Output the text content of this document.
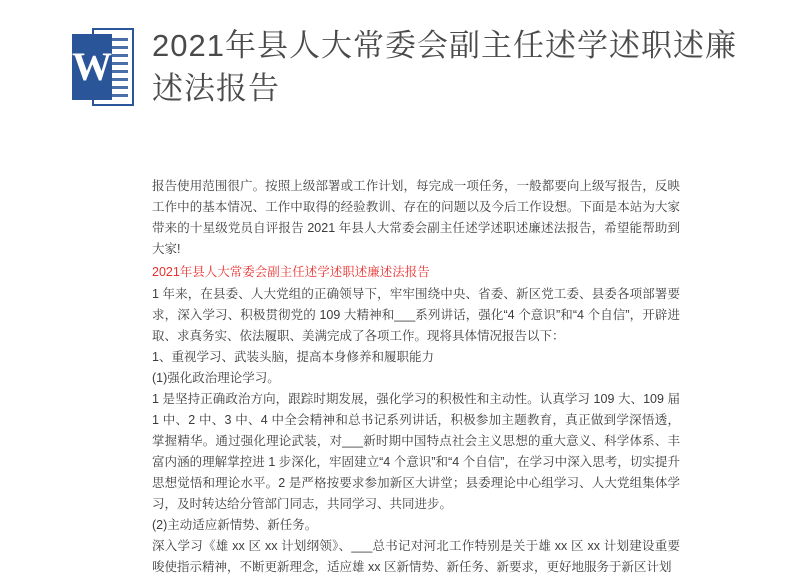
W 2021年县人大常委会副主任述学述职述廉述法报告

报告使用范围很广。按照上级部署或工作计划，每完成一项任务，一般都要向上级写报告，反映工作中的基本情况、工作中取得的经验教训、存在的问题以及今后工作设想。下面是本站为大家带来的十星级党员自评报告 2021 年县人大常委会副主任述学述职述廉述法报告，希望能帮助到大家!

2021年县人大常委会副主任述学述职述廉述法报告

1 年来，在县委、人大党组的正确领导下，牢牢围绕中央、省委、新区党工委、县委各项部署要求，深入学习、积极贯彻党的 109 大精神和___系列讲话，强化“4 个意识”和“4 个自信”，开辟进取、求真务实、依法履职、美满完成了各项工作。现将具体情况报告以下：

1、重视学习、武装头脑，提高本身修养和履职能力

(1)强化政治理论学习。

1 是坚持正确政治方向，跟踪时期发展，强化学习的积极性和主动性。认真学习 109 大、109 届 1 中、2 中、3 中、4 中全会精神和总书记系列讲话，积极参加主题教育，真正做到学深悟透，掌握精华。通过强化理论武装，对___新时期中国特点社会主义思想的重大意义、科学体系、丰富内涵的理解掌控进 1 步深化，牢固建立“4 个意识”和“4 个自信”，在学习中深入思考，切实提升思想觉悟和理论水平。2 是严格按要求参加新区大讲堂；县委理论中心组学习、人大党组集体学习，及时转达给分管部门同志，共同学习、共同进步。

(2)主动适应新情势、新任务。

深入学习《雄 xx 区 xx 计划纲领》、___总书记对河北工作特别是关于雄 xx 区 xx 计划建设重要唆使指示精神，不断更新理念，适应雄 xx 区新情势、新任务、新要求，更好地服务于新区计划
